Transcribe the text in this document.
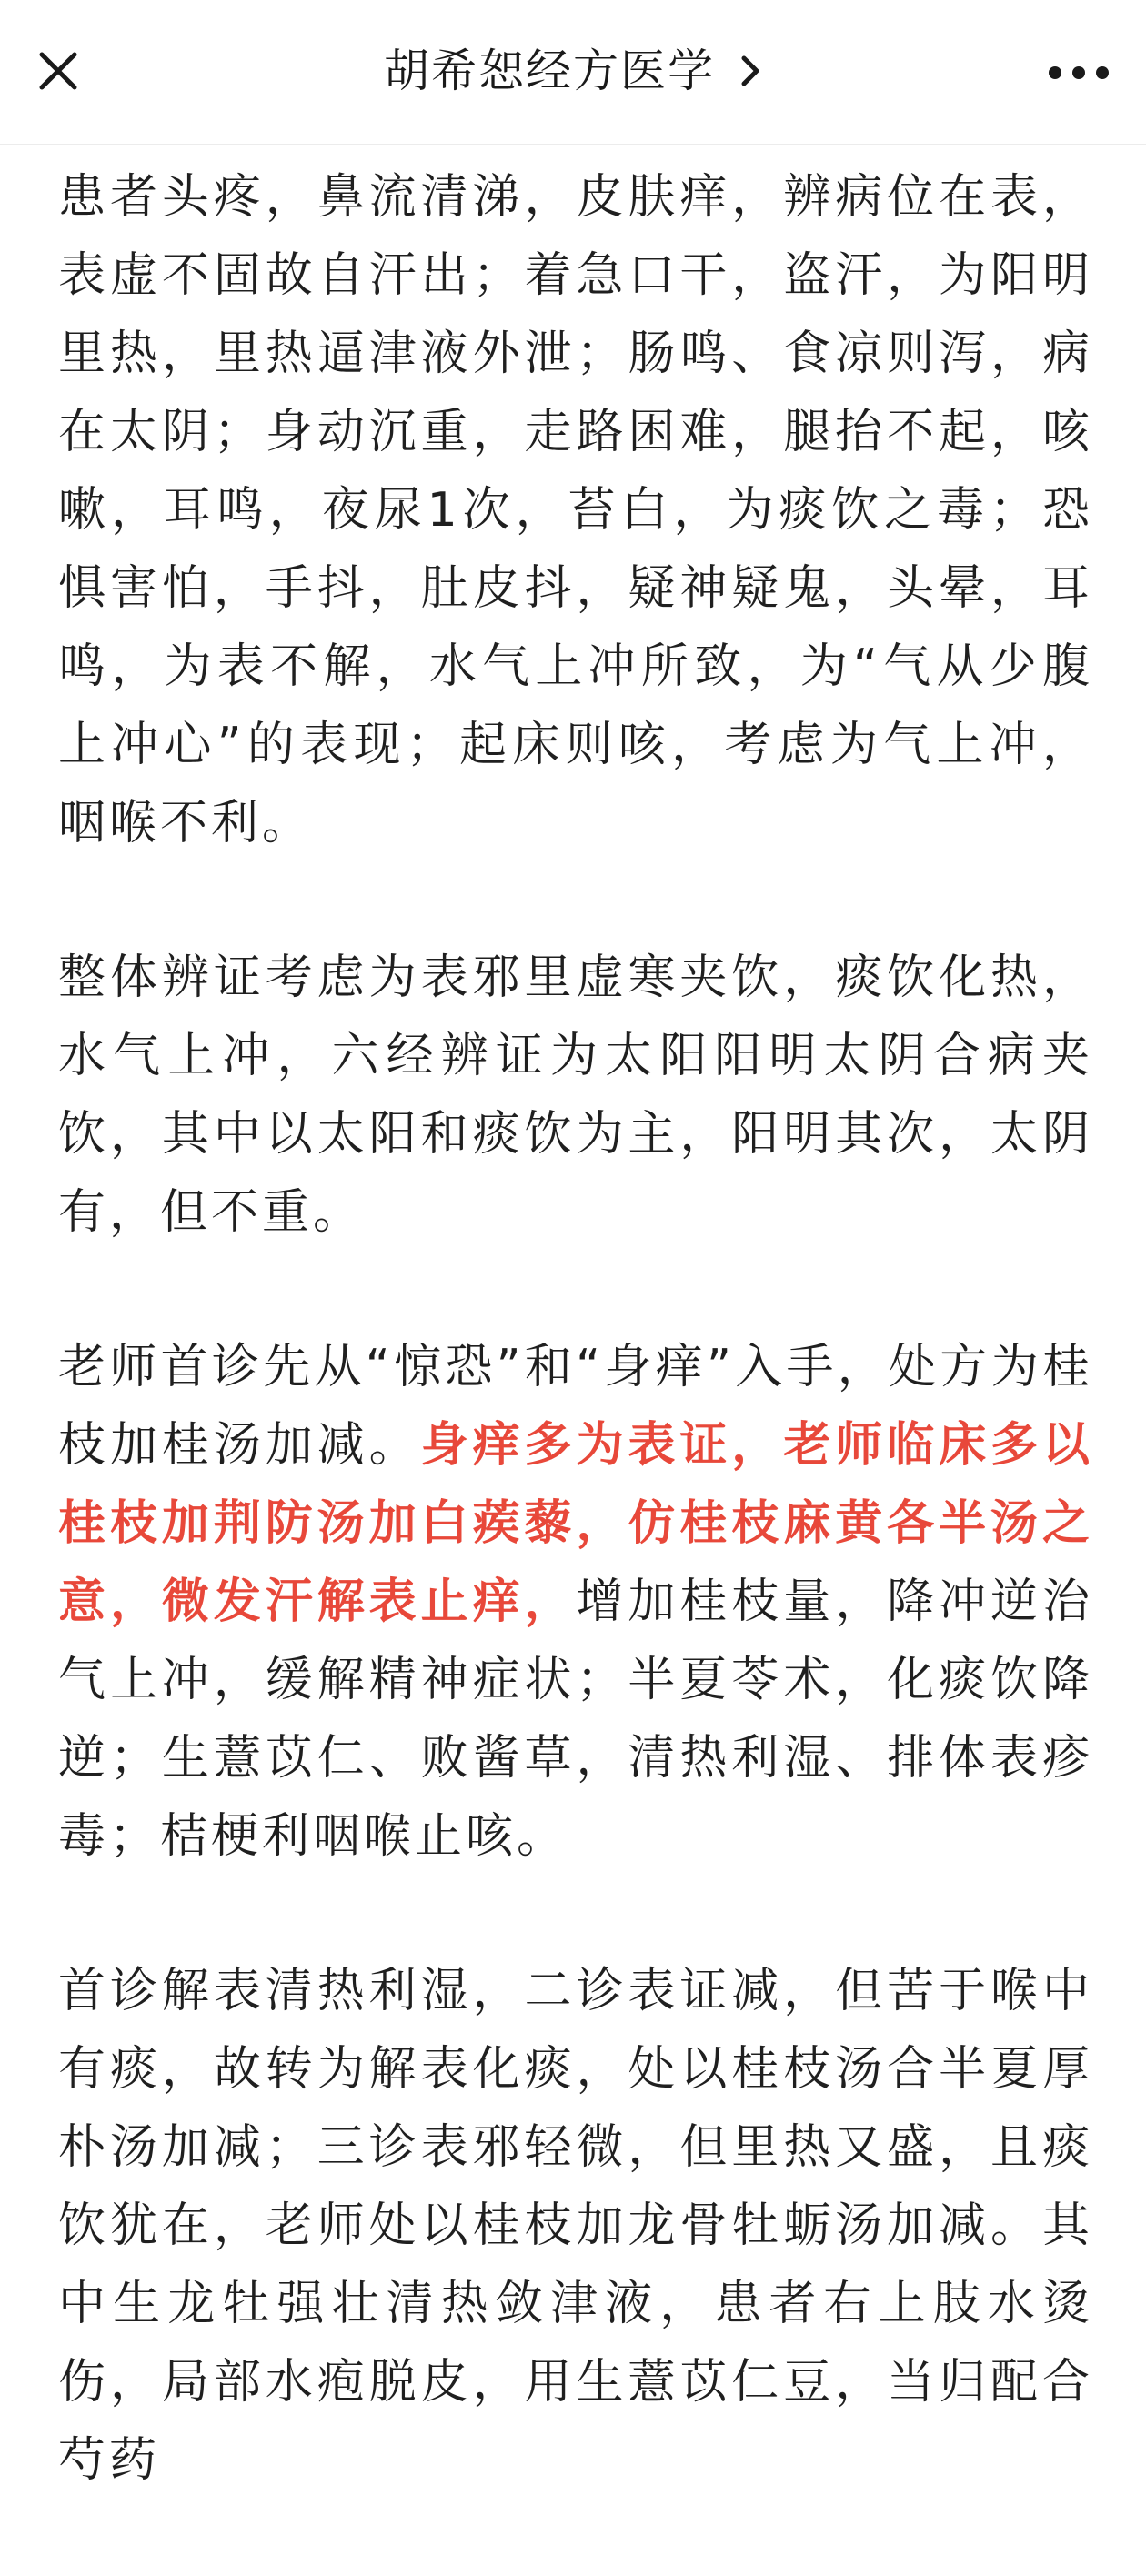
胡希恕经方医学

患者头疼，鼻流清涕，皮肤痒，辨病位在表，表虚不固故自汗出；着急口干，盗汗，为阳明里热，里热逼津液外泄；肠鸣、食凉则泻，病在太阴；身动沉重，走路困难，腿抬不起，咳嗽，耳鸣，夜尿1次，苔白，为痰饮之毒；恐惧害怕，手抖，肚皮抖，疑神疑鬼，头晕，耳鸣，为表不解，水气上冲所致，为“气从少腹上冲心”的表现；起床则咳，考虑为气上冲，咽喉不利。

整体辨证考虑为表邪里虚寒夹饮，痰饮化热，水气上冲，六经辨证为太阳阳明太阴合病夹饮，其中以太阳和痰饮为主，阳明其次，太阴有，但不重。

老师首诊先从“惊恐”和“身痒”入手，处方为桂枝加桂汤加减。身痒多为表证，老师临床多以桂枝加荆防汤加白蒺藜，仿桂枝麻黄各半汤之意，微发汗解表止痒，增加桂枝量，降冲逆治气上冲，缓解精神症状；半夏苓术，化痰饮降逆；生薏苡仁、败酱草，清热利湿、排体表疹毒；桔梗利咽喉止咳。

首诊解表清热利湿，二诊表证减，但苦于喉中有痰，故转为解表化痰，处以桂枝汤合半夏厚朴汤加减；三诊表邪轻微，但里热又盛，且痰饮犹在，老师处以桂枝加龙骨牡蛎汤加减。其中生龙牡强壮清热敛津液，患者右上肢水烫伤，局部水疱脱皮，用生薏苡仁豆，当归配合芍药
